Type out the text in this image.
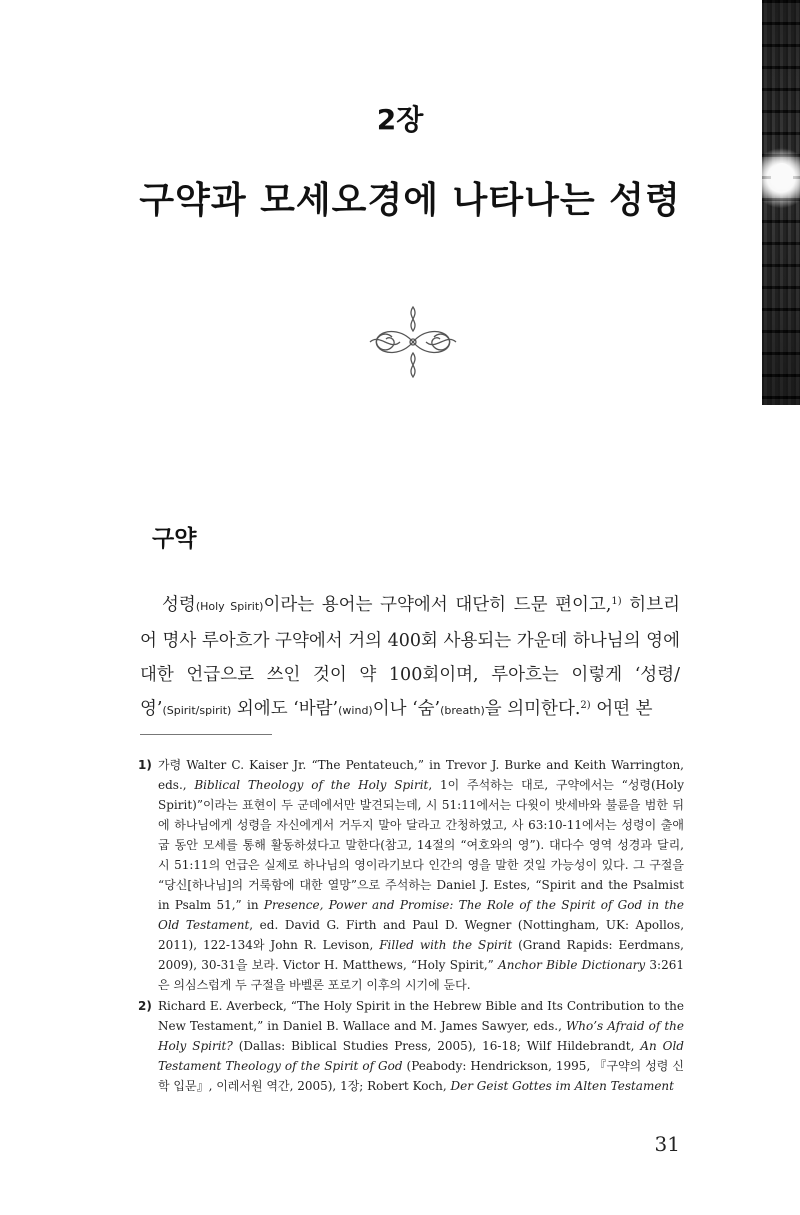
2장
구약과 모세오경에 나타나는 성령
구약
성령(Holy Spirit)이라는 용어는 구약에서 대단히 드문 편이고,$^{1)}$ 히브리어 명사 루아흐가 구약에서 거의 400회 사용되는 가운데 하나님의 영에 대한 언급으로 쓰인 것이 약 100회이며, 루아흐는 이렇게 ‘성령/영’(Spirit/spirit) 외에도 ‘바람’(wind)이나 ‘숨’(breath)을 의미한다.$^{2)}$ 어떤 본
1) 가령 Walter C. Kaiser Jr. “The Pentateuch,” in Trevor J. Burke and Keith Warrington, eds., Biblical Theology of the Holy Spirit, 1이 주석하는 대로, 구약에서는 “성령(Holy Spirit)”이라는 표현이 두 군데에서만 발견되는데, 시 51:11에서는 다윗이 밧세바와 불륜을 범한 뒤에 하나님에게 성령을 자신에게서 거두지 말아 달라고 간청하였고, 사 63:10-11에서는 성령이 출애굽 동안 모세를 통해 활동하셨다고 말한다(참고, 14절의 “여호와의 영”). 대다수 영역 성경과 달리, 시 51:11의 언급은 실제로 하나님의 영이라기보다 인간의 영을 말한 것일 가능성이 있다. 그 구절을 “당신[하나님]의 거룩함에 대한 열망”으로 주석하는 Daniel J. Estes, “Spirit and the Psalmist in Psalm 51,” in Presence, Power and Promise: The Role of the Spirit of God in the Old Testament, ed. David G. Firth and Paul D. Wegner (Nottingham, UK: Apollos, 2011), 122-134와 John R. Levison, Filled with the Spirit (Grand Rapids: Eerdmans, 2009), 30-31을 보라. Victor H. Matthews, “Holy Spirit,” Anchor Bible Dictionary 3:261은 의심스럽게 두 구절을 바벨론 포로기 이후의 시기에 둔다.
2) Richard E. Averbeck, “The Holy Spirit in the Hebrew Bible and Its Contribution to the New Testament,” in Daniel B. Wallace and M. James Sawyer, eds., Who’s Afraid of the Holy Spirit? (Dallas: Biblical Studies Press, 2005), 16-18; Wilf Hildebrandt, An Old Testament Theology of the Spirit of God (Peabody: Hendrickson, 1995, 『구약의 성령 신학 입문』, 이레서원 역간, 2005), 1장; Robert Koch, Der Geist Gottes im Alten Testament
31
